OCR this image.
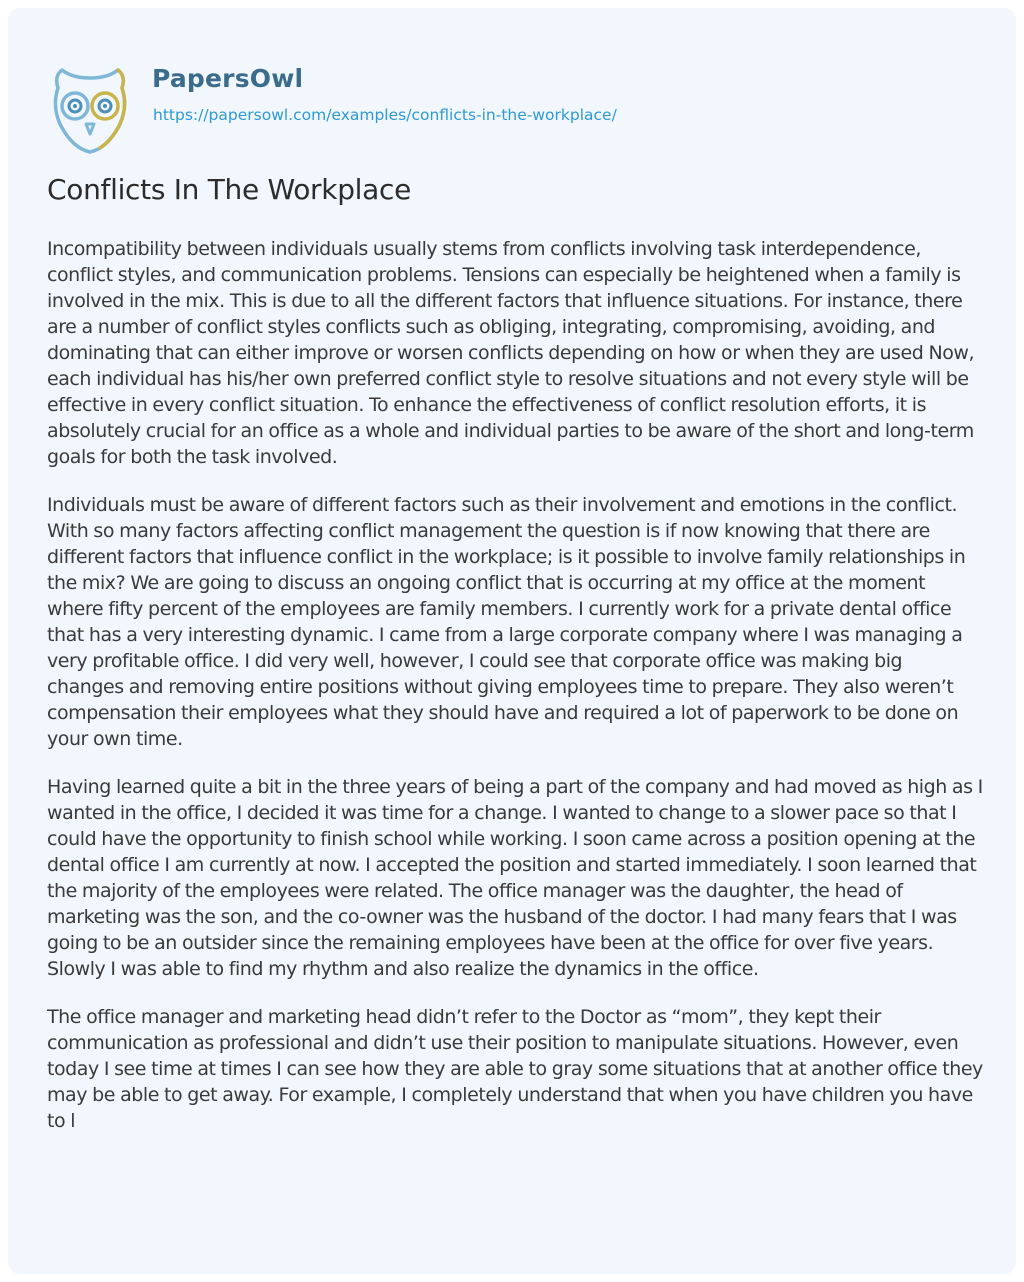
PapersOwl
https://papersowl.com/examples/conflicts-in-the-workplace/
Conflicts In The Workplace

Incompatibility between individuals usually stems from conflicts involving task interdependence, conflict styles, and communication problems. Tensions can especially be heightened when a family is involved in the mix. This is due to all the different factors that influence situations. For instance, there are a number of conflict styles conflicts such as obliging, integrating, compromising, avoiding, and dominating that can either improve or worsen conflicts depending on how or when they are used Now, each individual has his/her own preferred conflict style to resolve situations and not every style will be effective in every conflict situation. To enhance the effectiveness of conflict resolution efforts, it is absolutely crucial for an office as a whole and individual parties to be aware of the short and long-term goals for both the task involved.

Individuals must be aware of different factors such as their involvement and emotions in the conflict. With so many factors affecting conflict management the question is if now knowing that there are different factors that influence conflict in the workplace; is it possible to involve family relationships in the mix? We are going to discuss an ongoing conflict that is occurring at my office at the moment where fifty percent of the employees are family members. I currently work for a private dental office that has a very interesting dynamic. I came from a large corporate company where I was managing a very profitable office. I did very well, however, I could see that corporate office was making big changes and removing entire positions without giving employees time to prepare. They also weren’t compensation their employees what they should have and required a lot of paperwork to be done on your own time.

Having learned quite a bit in the three years of being a part of the company and had moved as high as I wanted in the office, I decided it was time for a change. I wanted to change to a slower pace so that I could have the opportunity to finish school while working. I soon came across a position opening at the dental office I am currently at now. I accepted the position and started immediately. I soon learned that the majority of the employees were related. The office manager was the daughter, the head of marketing was the son, and the co-owner was the husband of the doctor. I had many fears that I was going to be an outsider since the remaining employees have been at the office for over five years. Slowly I was able to find my rhythm and also realize the dynamics in the office.

The office manager and marketing head didn’t refer to the Doctor as “mom”, they kept their communication as professional and didn’t use their position to manipulate situations. However, even today I see time at times I can see how they are able to gray some situations that at another office they may be able to get away. For example, I completely understand that when you have children you have to l
